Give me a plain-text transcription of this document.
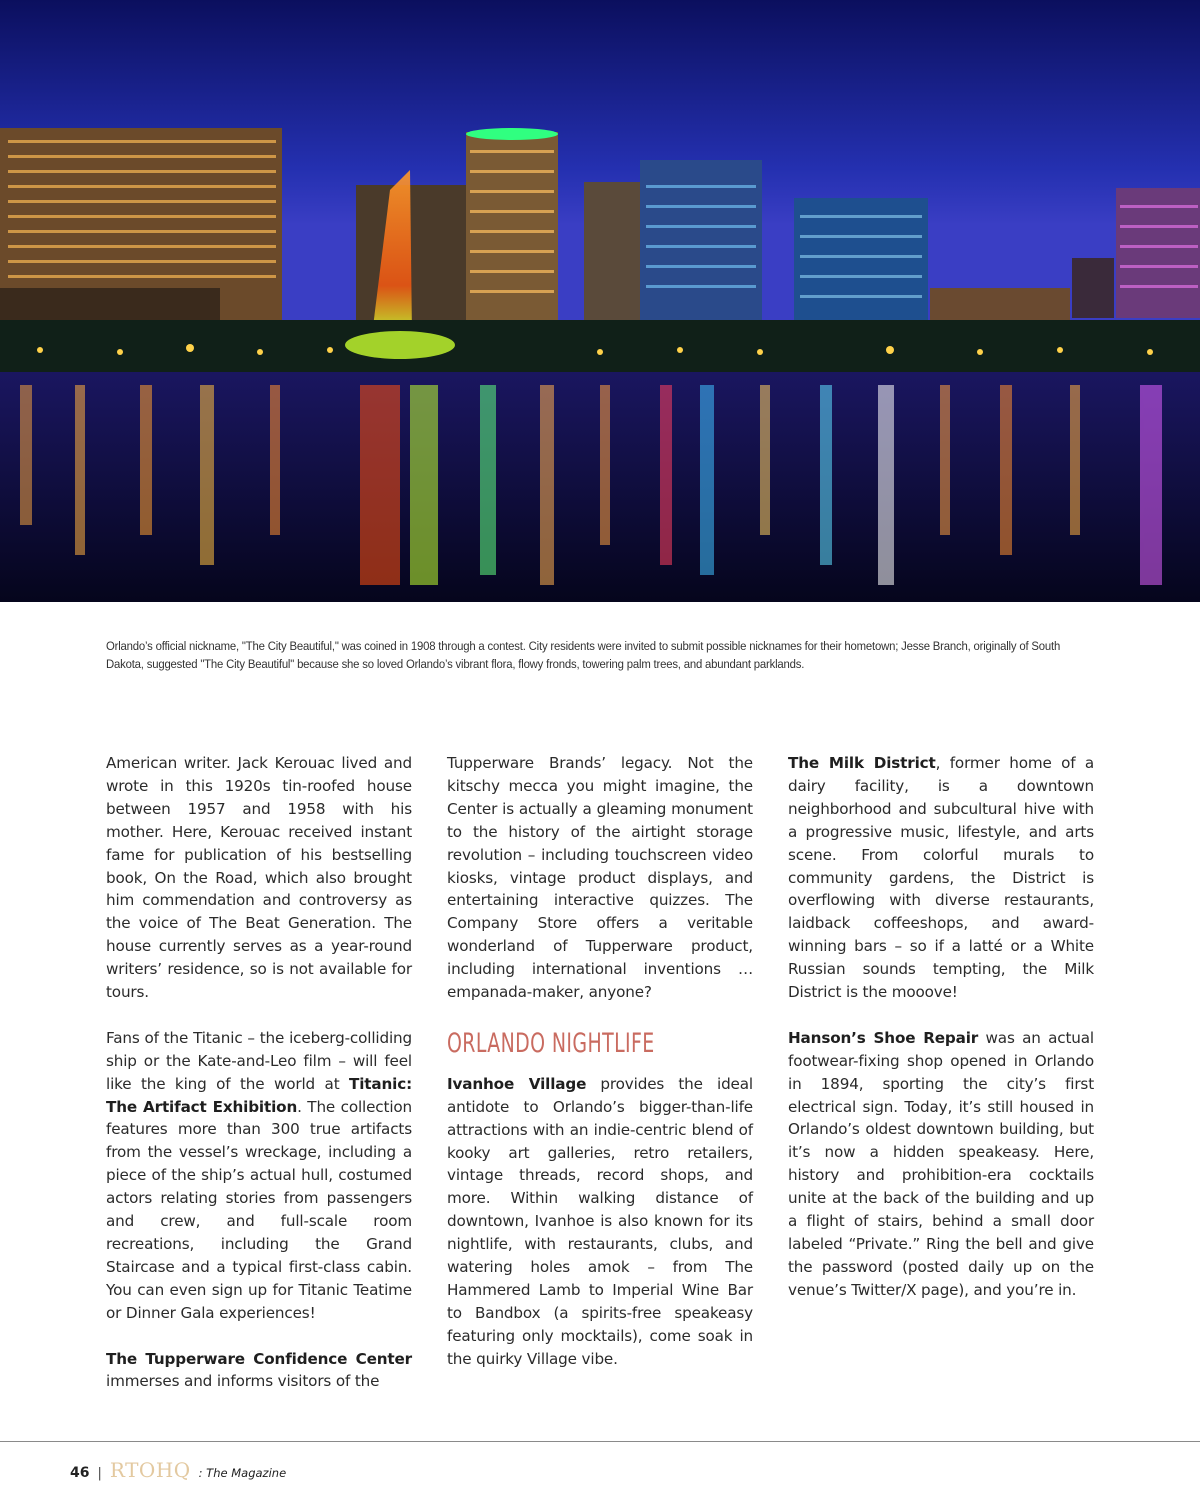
Orlando’s official nickname, "The City Beautiful," was coined in 1908 through a contest. City residents were invited to submit possible nicknames for their hometown; Jesse Branch, originally of South Dakota, suggested "The City Beautiful" because she so loved Orlando’s vibrant flora, flowy fronds, towering palm trees, and abundant parklands.

American writer. Jack Kerouac lived and wrote in this 1920s tin-roofed house between 1957 and 1958 with his mother. Here, Kerouac received instant fame for publication of his bestselling book, On the Road, which also brought him commendation and controversy as the voice of The Beat Generation. The house currently serves as a year-round writers’ residence, so is not available for tours.

Fans of the Titanic – the iceberg-colliding ship or the Kate-and-Leo film – will feel like the king of the world at Titanic: The Artifact Exhibition. The collection features more than 300 true artifacts from the vessel’s wreckage, including a piece of the ship’s actual hull, costumed actors relating stories from passengers and crew, and full-scale room recreations, including the Grand Staircase and a typical first-class cabin. You can even sign up for Titanic Teatime or Dinner Gala experiences!

The Tupperware Confidence Center immerses and informs visitors of the

Tupperware Brands’ legacy. Not the kitschy mecca you might imagine, the Center is actually a gleaming monument to the history of the airtight storage revolution – including touchscreen video kiosks, vintage product displays, and entertaining interactive quizzes. The Company Store offers a veritable wonderland of Tupperware product, including international inventions … empanada-maker, anyone?

ORLANDO NIGHTLIFE

Ivanhoe Village provides the ideal antidote to Orlando’s bigger-than-life attractions with an indie-centric blend of kooky art galleries, retro retailers, vintage threads, record shops, and more. Within walking distance of downtown, Ivanhoe is also known for its nightlife, with restaurants, clubs, and watering holes amok – from The Hammered Lamb to Imperial Wine Bar to Bandbox (a spirits-free speakeasy featuring only mocktails), come soak in the quirky Village vibe.

The Milk District, former home of a dairy facility, is a downtown neighborhood and subcultural hive with a progressive music, lifestyle, and arts scene. From colorful murals to community gardens, the District is overflowing with diverse restaurants, laidback coffeeshops, and award-winning bars – so if a latté or a White Russian sounds tempting, the Milk District is the mooove!

Hanson’s Shoe Repair was an actual footwear-fixing shop opened in Orlando in 1894, sporting the city’s first electrical sign. Today, it’s still housed in Orlando’s oldest downtown building, but it’s now a hidden speakeasy. Here, history and prohibition-era cocktails unite at the back of the building and up a flight of stairs, behind a small door labeled “Private.” Ring the bell and give the password (posted daily up on the venue’s Twitter/X page), and you’re in.

46 | RTOHQ : The Magazine
